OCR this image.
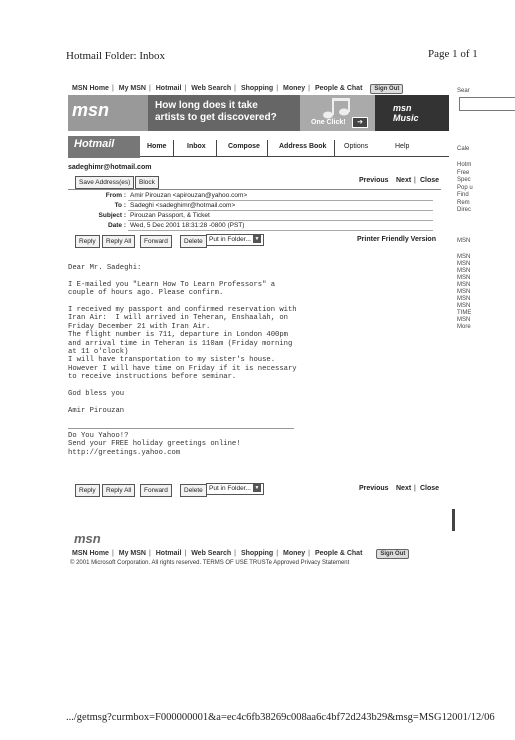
Hotmail Folder: Inbox	Page 1 of 1
MSN Home | My MSN | Hotmail | Web Search | Shopping | Money | People & Chat Sign Out	Sear
Cale
Hotm
Free
Spec
Pop u
Find
Rem
Direc
MSN
MSN
MSN
MSN
MSN
MSN
MSN
MSN
MSN
TIME
MSN
More
msn	How long does it take
artists to get discovered?	One Click!	➔
msn
Music
Hotmail	Home	Inbox	Compose	Address Book	Options	Help
sadeghimr@hotmail.com
Save Address(es)	Block	Previous Next | Close
From : Amir Pirouzan <apirouzan@yahoo.com>
To : Sadeghi <sadeghimr@hotmail.com>
Subject : Pirouzan Passport, & Ticket
Date : Wed, 5 Dec 2001 18:31:28 -0800 (PST)
Reply	Reply All	Forward	Delete Put in Folder... ▼	Printer Friendly Version
Dear Mr. Sadeghi:

I E-mailed you "Learn How To Learn Professors" a
couple of hours ago. Please confirm.

I received my passport and confirmed reservation with
Iran Air:  I will arrived in Teheran, Enshaalah, on
Friday December 21 with Iran Air.
The flight number is 711, departure in London 400pm
and arrival time in Teheran is 110am (Friday morning
at 11 o'clock)
I will have transportation to my sister's house.
However I will have time on Friday if it is necessary
to receive instructions before seminar.

God bless you

Amir Pirouzan
Do You Yahoo!?
Send your FREE holiday greetings online!
http://greetings.yahoo.com
Reply	Reply All	Forward	Delete Put in Folder... ▼	Previous Next | Close
msn
MSN Home | My MSN | Hotmail | Web Search | Shopping | Money | People & Chat	Sign Out
© 2001 Microsoft Corporation. All rights reserved. TERMS OF USE TRUSTe Approved Privacy Statement
.../getmsg?curmbox=F000000001&a=ec4c6fb38269c008aa6c4bf72d243b29&msg=MSG12001/12/06
